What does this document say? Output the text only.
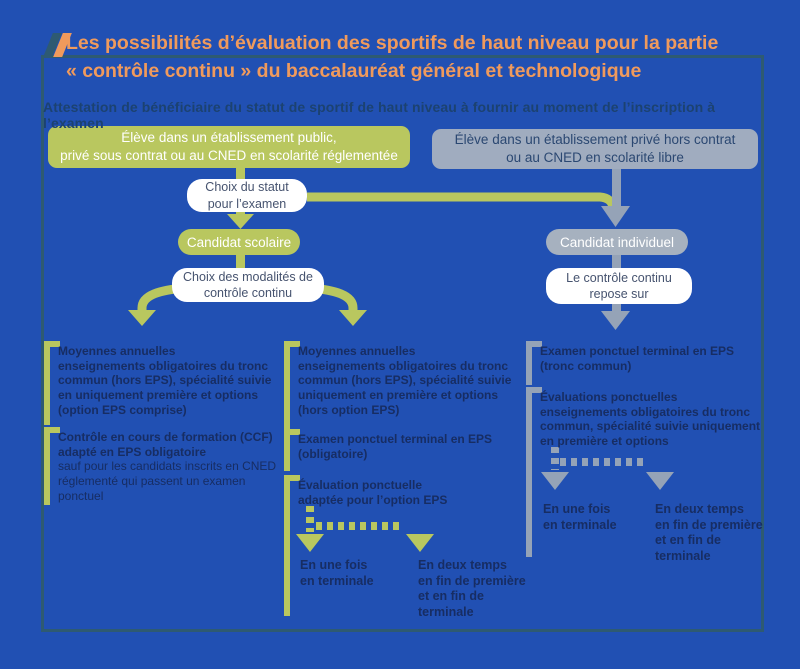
Les possibilités d’évaluation des sportifs de haut niveau pour la partie
« contrôle continu » du baccalauréat général et technologique
Attestation de bénéficiaire du statut de sportif de haut niveau à fournir au moment de l’inscription à l’examen
Élève dans un établissement public,
privé sous contrat ou au CNED en scolarité réglementée
Élève dans un établissement privé hors contrat
ou au CNED en scolarité libre
Choix du statut
pour l’examen
Candidat scolaire	Candidat individuel
Choix des modalités de
contrôle continu
Le contrôle continu
repose sur
Moyennes annuelles
enseignements obligatoires du tronc commun (hors EPS), spécialité suivie en uniquement première et options (option EPS comprise)
Contrôle en cours de formation (CCF) adapté en EPS obligatoire
sauf pour les candidats inscrits en CNED réglementé qui passent un examen ponctuel
Moyennes annuelles
enseignements obligatoires du tronc commun (hors EPS), spécialité suivie uniquement en première et options (hors option EPS)
Examen ponctuel terminal en EPS
(obligatoire)
Évaluation ponctuelle
adaptée pour l’option EPS
En une fois
en terminale
En deux temps
en fin de première et en fin de terminale
Examen ponctuel terminal en EPS
(tronc commun)
Évaluations ponctuelles
enseignements obligatoires du tronc commun, spécialité suivie uniquement en première et options
En une fois
en terminale
En deux temps
en fin de première et en fin de terminale
